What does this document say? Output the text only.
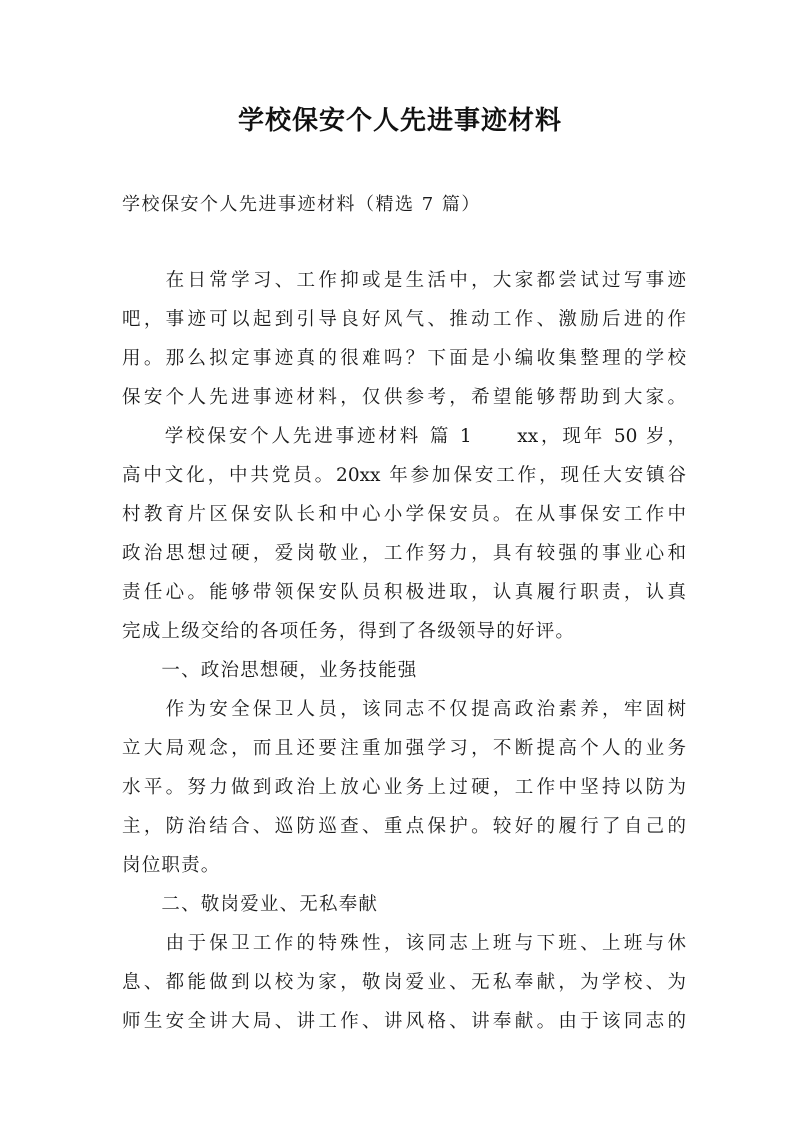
学校保安个人先进事迹材料
学校保安个人先进事迹材料（精选 7 篇）
　　在日常学习、工作抑或是生活中，大家都尝试过写事迹
吧，事迹可以起到引导良好风气、推动工作、激励后进的作
用。那么拟定事迹真的很难吗？下面是小编收集整理的学校
保安个人先进事迹材料，仅供参考，希望能够帮助到大家。
　　学校保安个人先进事迹材料 篇 1　　xx，现年 50 岁，
高中文化，中共党员。20xx 年参加保安工作，现任大安镇谷
村教育片区保安队长和中心小学保安员。在从事保安工作中
政治思想过硬，爱岗敬业，工作努力，具有较强的事业心和
责任心。能够带领保安队员积极进取，认真履行职责，认真
完成上级交给的各项任务，得到了各级领导的好评。
　　一、政治思想硬，业务技能强
　　作为安全保卫人员，该同志不仅提高政治素养，牢固树
立大局观念，而且还要注重加强学习，不断提高个人的业务
水平。努力做到政治上放心业务上过硬，工作中坚持以防为
主，防治结合、巡防巡查、重点保护。较好的履行了自己的
岗位职责。
　　二、敬岗爱业、无私奉献
　　由于保卫工作的特殊性，该同志上班与下班、上班与休
息、都能做到以校为家，敬岗爱业、无私奉献，为学校、为
师生安全讲大局、讲工作、讲风格、讲奉献。由于该同志的
